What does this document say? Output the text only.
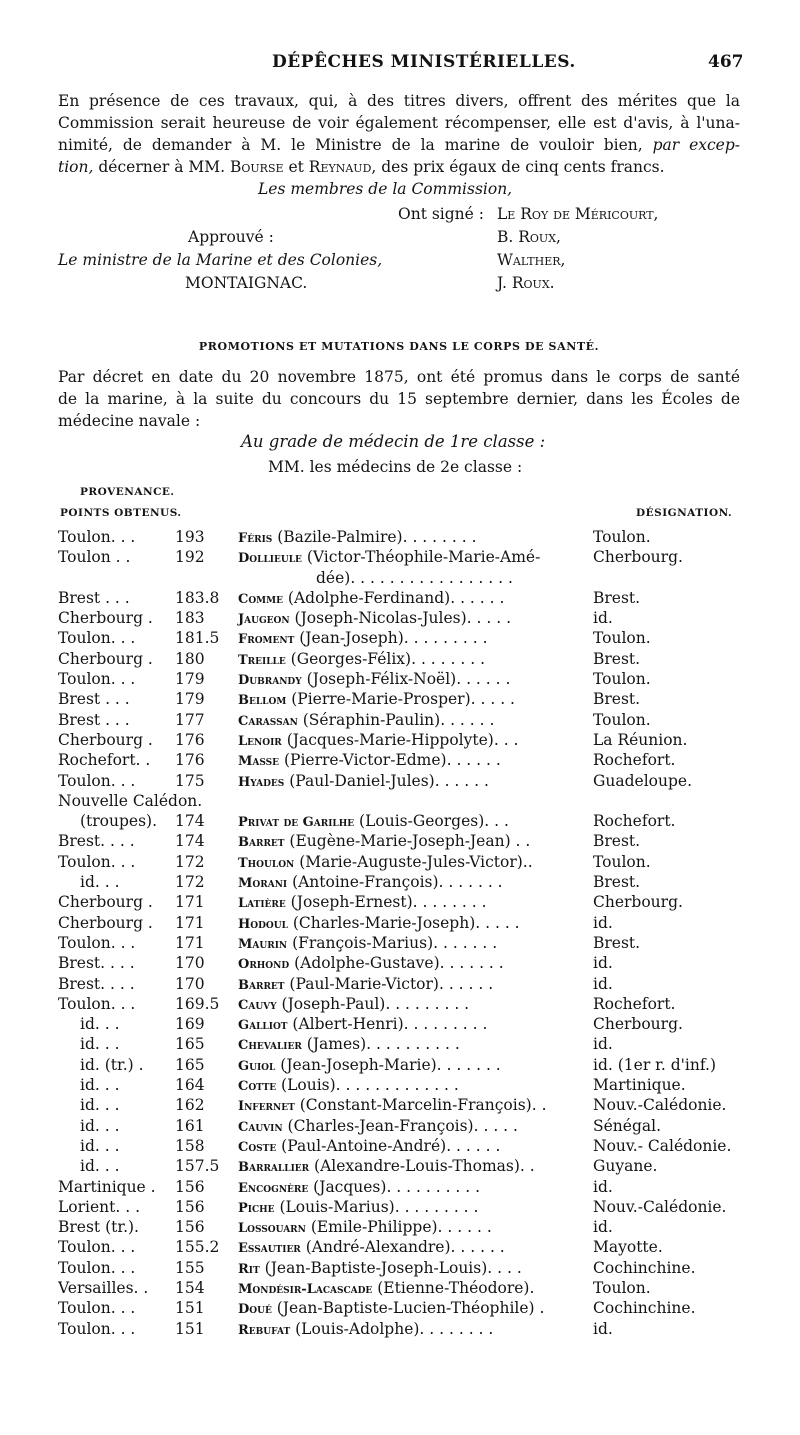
DÉPÊCHES MINISTÉRIELLES.	467
En présence de ces travaux, qui, à des titres divers, offrent des mérites que la
Commission serait heureuse de voir également récompenser, elle est d'avis, à l'una-
nimité, de demander à M. le Ministre de la marine de vouloir bien, par excep-
tion, décerner à MM. Bourse et Reynaud, des prix égaux de cinq cents francs.
Les membres de la Commission,
Ont signé : Le Roy de Méricourt,
Approuvé :	B. Roux,
Le ministre de la Marine et des Colonies,	Walther,
MONTAIGNAC.	J. Roux.
PROMOTIONS ET MUTATIONS DANS LE CORPS DE SANTÉ.
Par décret en date du 20 novembre 1875, ont été promus dans le corps de santé
de la marine, à la suite du concours du 15 septembre dernier, dans les Écoles de
médecine navale :
Au grade de médecin de 1re classe :
MM. les médecins de 2e classe :
PROVENANCE.
POINTS OBTENUS.	DÉSIGNATION.
Toulon. . .	193	Féris (Bazile-Palmire). . . . . . . .	Toulon.
Toulon . .	192	Dollieule (Victor-Théophile-Marie-Amé-	Cherbourg.
dée). . . . . . . . . . . . . . . . .
Brest . . .	183.8 Comme (Adolphe-Ferdinand). . . . . .	Brest.
Cherbourg . 183	Jaugeon (Joseph-Nicolas-Jules). . . . .	id.
Toulon. . .	181.5 Froment (Jean-Joseph). . . . . . . . .	Toulon.
Cherbourg . 180	Treille (Georges-Félix). . . . . . . .	Brest.
Toulon. . .	179	Dubrandy (Joseph-Félix-Noël). . . . . .	Toulon.
Brest . . .	179	Bellom (Pierre-Marie-Prosper). . . . .	Brest.
Brest . . .	177	Carassan (Séraphin-Paulin). . . . . .	Toulon.
Cherbourg . 176	Lenoir (Jacques-Marie-Hippolyte). . .	La Réunion.
Rochefort. . 176	Masse (Pierre-Victor-Edme). . . . . .	Rochefort.
Toulon. . .	175	Hyades (Paul-Daniel-Jules). . . . . .	Guadeloupe.
Nouvelle Calédon.
(troupes). 174	Privat de Garilhe (Louis-Georges). . .	Rochefort.
Brest. . . .	174	Barret (Eugène-Marie-Joseph-Jean) . .	Brest.
Toulon. . .	172	Thoulon (Marie-Auguste-Jules-Victor)..	Toulon.
id. . .	172	Morani (Antoine-François). . . . . . .	Brest.
Cherbourg . 171	Latière (Joseph-Ernest). . . . . . . .	Cherbourg.
Cherbourg . 171	Hodoul (Charles-Marie-Joseph). . . . .	id.
Toulon. . .	171	Maurin (François-Marius). . . . . . .	Brest.
Brest. . . .	170	Orhond (Adolphe-Gustave). . . . . . .	id.
Brest. . . .	170	Barret (Paul-Marie-Victor). . . . . .	id.
Toulon. . .	169.5 Cauvy (Joseph-Paul). . . . . . . . .	Rochefort.
id. . .	169	Galliot (Albert-Henri). . . . . . . . .	Cherbourg.
id. . .	165	Chevalier (James). . . . . . . . . .	id.
id. (tr.) . 165	Guiol (Jean-Joseph-Marie). . . . . . .	id. (1er r. d'inf.)
id. . .	164	Cotte (Louis). . . . . . . . . . . . .	Martinique.
id. . .	162	Infernet (Constant-Marcelin-François). .	Nouv.-Calédonie.
id. . .	161	Cauvin (Charles-Jean-François). . . . .	Sénégal.
id. . .	158	Coste (Paul-Antoine-André). . . . . .	Nouv.- Calédonie.
id. . .	157.5 Barrallier (Alexandre-Louis-Thomas). .	Guyane.
Martinique . 156	Encognère (Jacques). . . . . . . . . .	id.
Lorient. . . 156	Piche (Louis-Marius). . . . . . . . .	Nouv.-Calédonie.
Brest (tr.). 156	Lossouarn (Emile-Philippe). . . . . .	id.
Toulon. . .	155.2 Essautier (André-Alexandre). . . . . .	Mayotte.
Toulon. . .	155	Rit (Jean-Baptiste-Joseph-Louis). . . .	Cochinchine.
Versailles. . 154	Mondésir-Lacascade (Etienne-Théodore).	Toulon.
Toulon. . .	151	Doué (Jean-Baptiste-Lucien-Théophile) .	Cochinchine.
Toulon. . .	151	Rebufat (Louis-Adolphe). . . . . . . .	id.
